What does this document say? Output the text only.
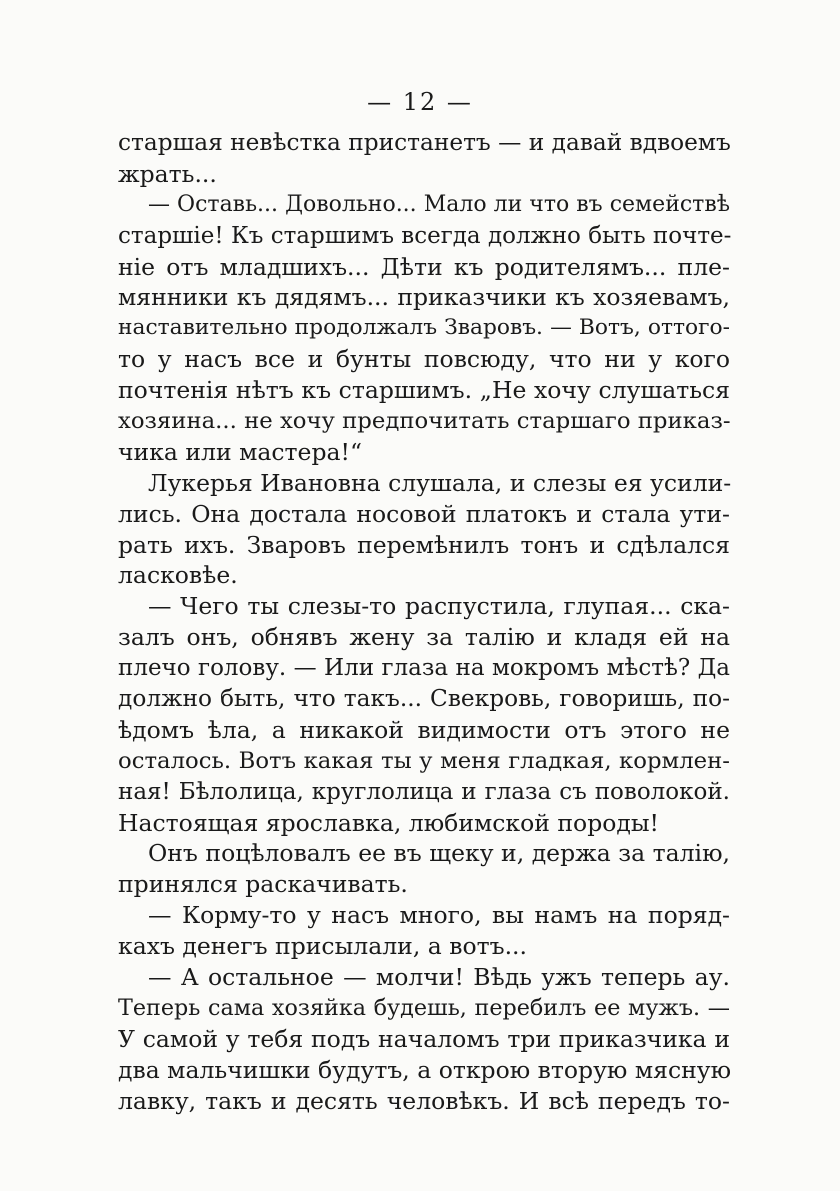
— 12 —
старшая невѣстка пристанетъ — и давай вдвоемъ
жрать...
— Оставь... Довольно... Мало ли что въ семействѣ
старшіе! Къ старшимъ всегда должно быть почте-
ніе отъ младшихъ... Дѣти къ родителямъ... пле-
мянники къ дядямъ... приказчики къ хозяевамъ,
наставительно продолжалъ Зваровъ. — Вотъ, оттого-
то у насъ все и бунты повсюду, что ни у кого
почтенія нѣтъ къ старшимъ. „Не хочу слушаться
хозяина... не хочу предпочитать старшаго приказ-
чика или мастера!“
Лукерья Ивановна слушала, и слезы ея усили-
лись. Она достала носовой платокъ и стала ути-
рать ихъ. Зваровъ перемѣнилъ тонъ и сдѣлался
ласковѣе.
— Чего ты слезы-то распустила, глупая... ска-
залъ онъ, обнявъ жену за талію и кладя ей на
плечо голову. — Или глаза на мокромъ мѣстѣ? Да
должно быть, что такъ... Свекровь, говоришь, по-
ѣдомъ ѣла, а никакой видимости отъ этого не
осталось. Вотъ какая ты у меня гладкая, кормлен-
ная! Бѣлолица, круглолица и глаза съ поволокой.
Настоящая ярославка, любимской породы!
Онъ поцѣловалъ ее въ щеку и, держа за талію,
принялся раскачивать.
— Корму-то у насъ много, вы намъ на поряд-
кахъ денегъ присылали, а вотъ...
— А остальное — молчи! Вѣдь ужъ теперь ау.
Теперь сама хозяйка будешь, перебилъ ее мужъ. —
У самой у тебя подъ началомъ три приказчика и
два мальчишки будутъ, а открою вторую мясную
лавку, такъ и десять человѣкъ. И всѣ передъ то-
